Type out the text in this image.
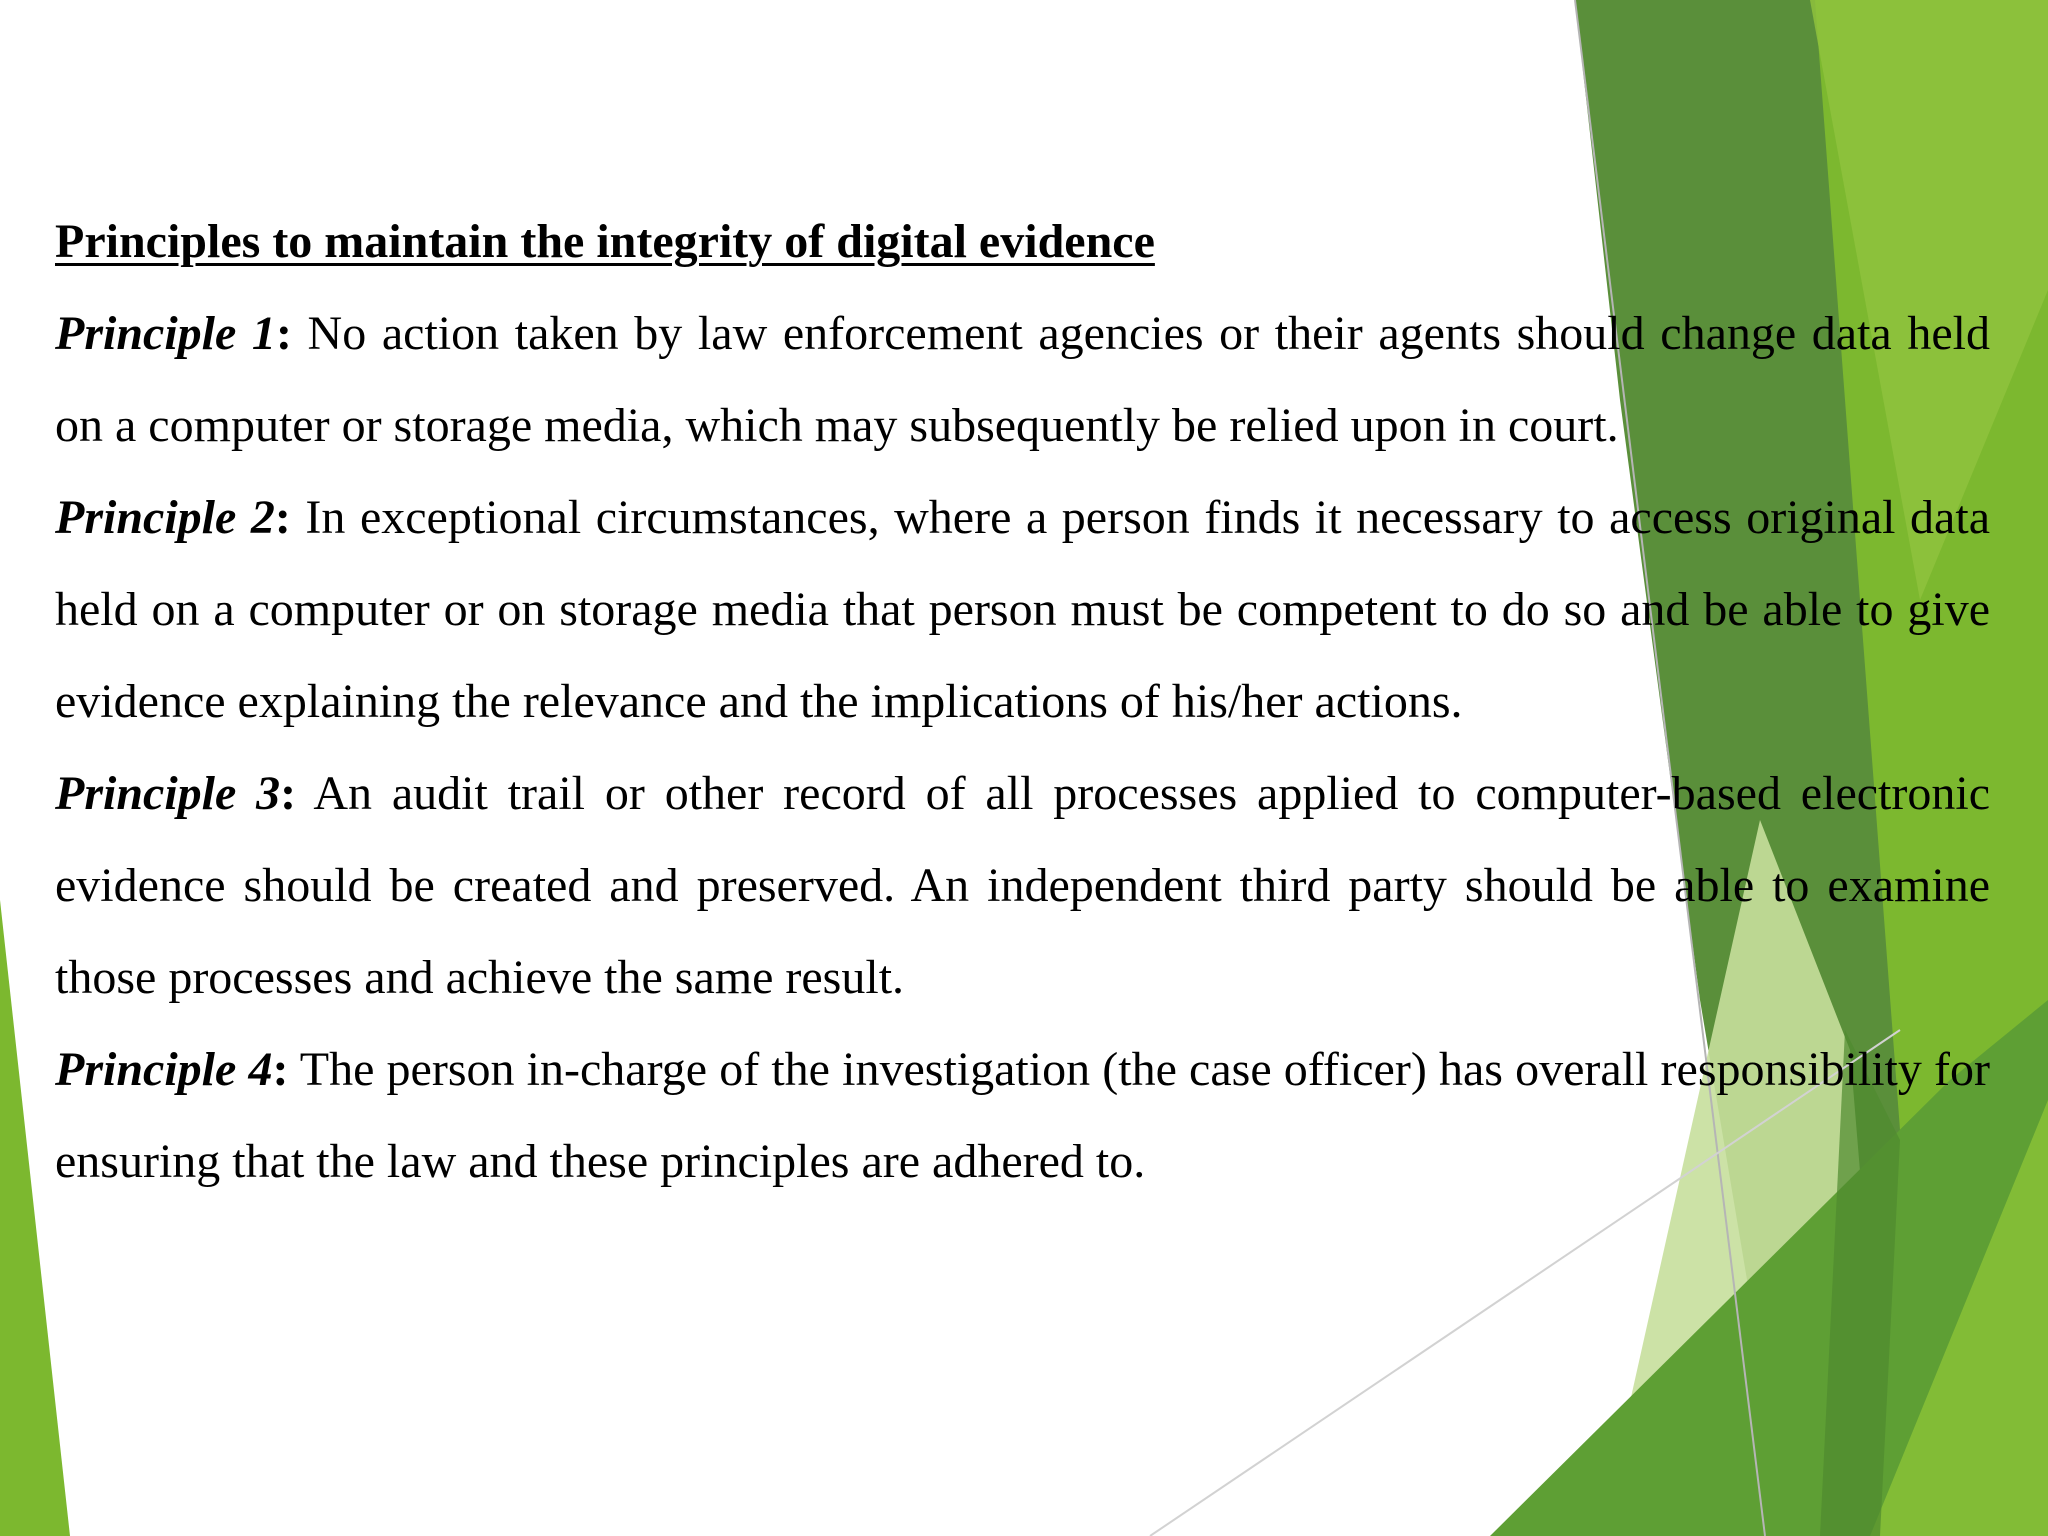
Principles to maintain the integrity of digital evidence

Principle 1: No action taken by law enforcement agencies or their agents should change data held on a computer or storage media, which may subsequently be relied upon in court.

Principle 2: In exceptional circumstances, where a person finds it necessary to access original data held on a computer or on storage media that person must be competent to do so and be able to give evidence explaining the relevance and the implications of his/her actions.

Principle 3: An audit trail or other record of all processes applied to computer-based electronic evidence should be created and preserved. An independent third party should be able to examine those processes and achieve the same result.

Principle 4: The person in-charge of the investigation (the case officer) has overall responsibility for ensuring that the law and these principles are adhered to.
